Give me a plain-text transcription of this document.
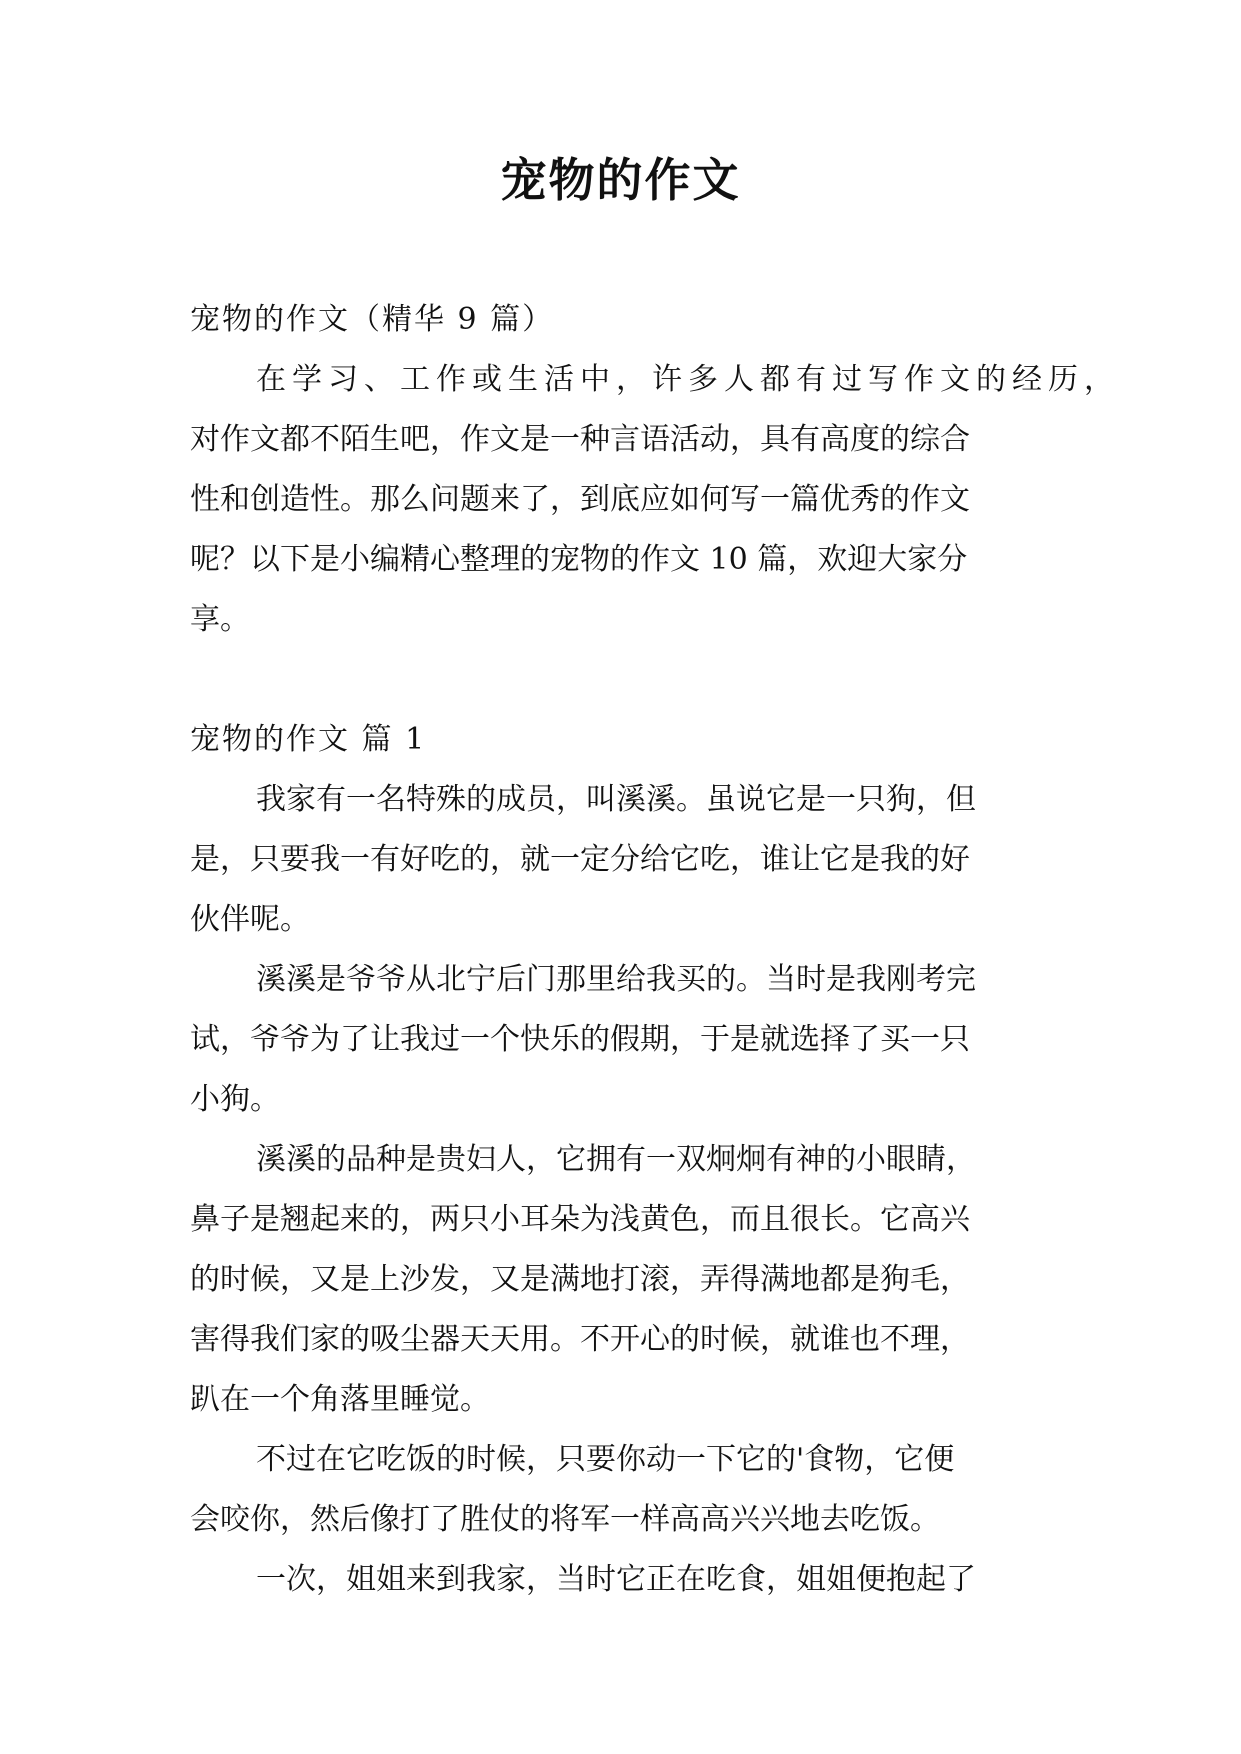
宠物的作文

宠物的作文（精华 9 篇）

在学习、工作或生活中，许多人都有过写作文的经历，

对作文都不陌生吧，作文是一种言语活动，具有高度的综合

性和创造性。那么问题来了，到底应如何写一篇优秀的作文

呢？以下是小编精心整理的宠物的作文 10 篇，欢迎大家分

享。

宠物的作文 篇 1

我家有一名特殊的成员，叫溪溪。虽说它是一只狗，但

是，只要我一有好吃的，就一定分给它吃，谁让它是我的好

伙伴呢。

溪溪是爷爷从北宁后门那里给我买的。当时是我刚考完

试，爷爷为了让我过一个快乐的假期，于是就选择了买一只

小狗。

溪溪的品种是贵妇人，它拥有一双炯炯有神的小眼睛，

鼻子是翘起来的，两只小耳朵为浅黄色，而且很长。它高兴

的时候，又是上沙发，又是满地打滚，弄得满地都是狗毛，

害得我们家的吸尘器天天用。不开心的时候，就谁也不理，

趴在一个角落里睡觉。

不过在它吃饭的时候，只要你动一下它的'食物，它便

会咬你，然后像打了胜仗的将军一样高高兴兴地去吃饭。

一次，姐姐来到我家，当时它正在吃食，姐姐便抱起了
